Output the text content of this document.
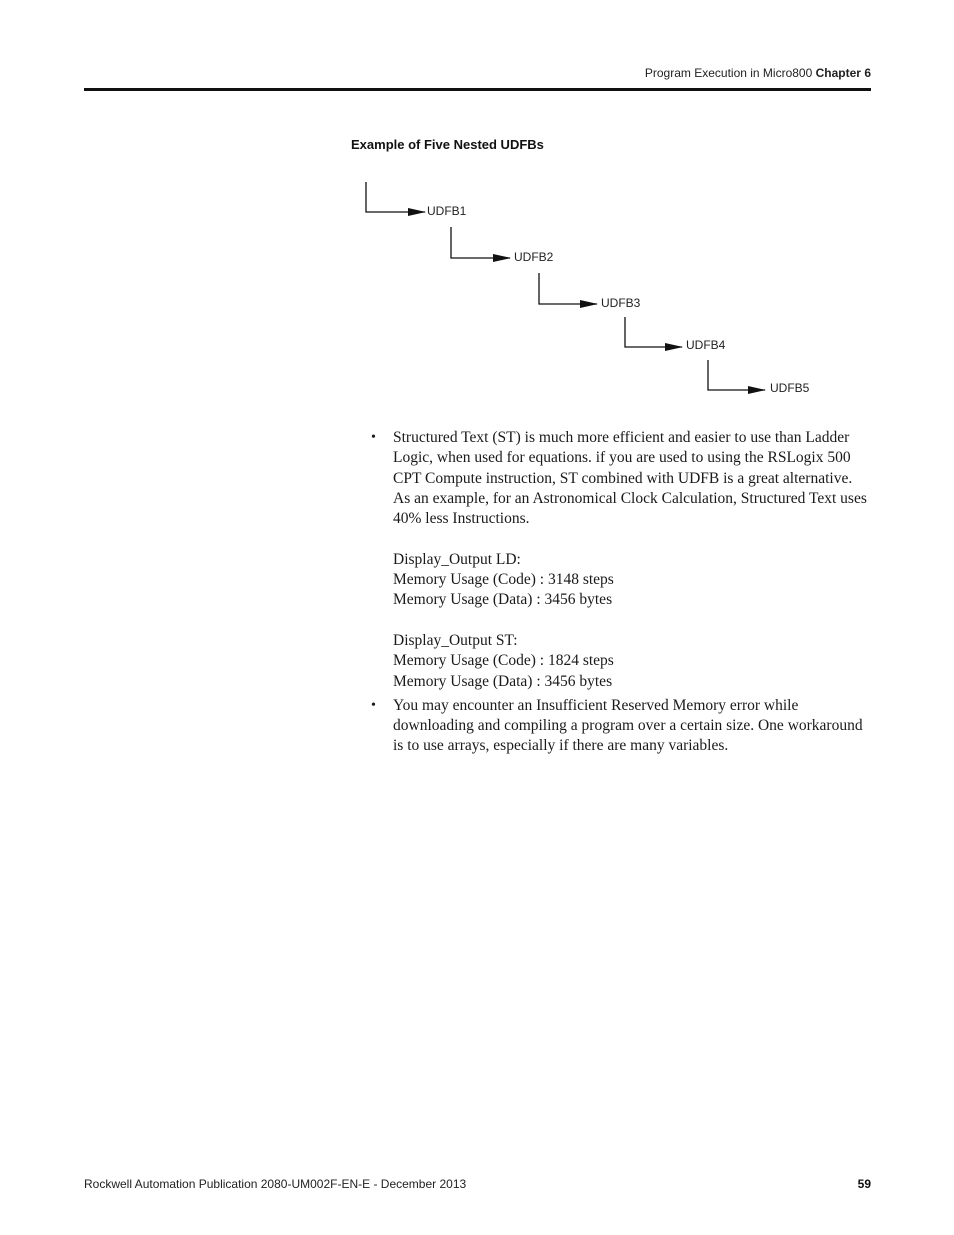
Program Execution in Micro800 Chapter 6
Example of Five Nested UDFBs
UDFB1
UDFB2
UDFB3
UDFB4
UDFB5
• Structured Text (ST) is much more efficient and easier to use than Ladder Logic, when used for equations. if you are used to using the RSLogix 500 CPT Compute instruction, ST combined with UDFB is a great alternative.

As an example, for an Astronomical Clock Calculation, Structured Text uses 40% less Instructions.

Display_Output LD:

Memory Usage (Code) : 3148 steps

Memory Usage (Data) : 3456 bytes

Display_Output ST:

Memory Usage (Code) : 1824 steps

Memory Usage (Data) : 3456 bytes

• You may encounter an Insufficient Reserved Memory error while downloading and compiling a program over a certain size. One workaround is to use arrays, especially if there are many variables.

Rockwell Automation Publication 2080-UM002F-EN-E - December 2013	59
